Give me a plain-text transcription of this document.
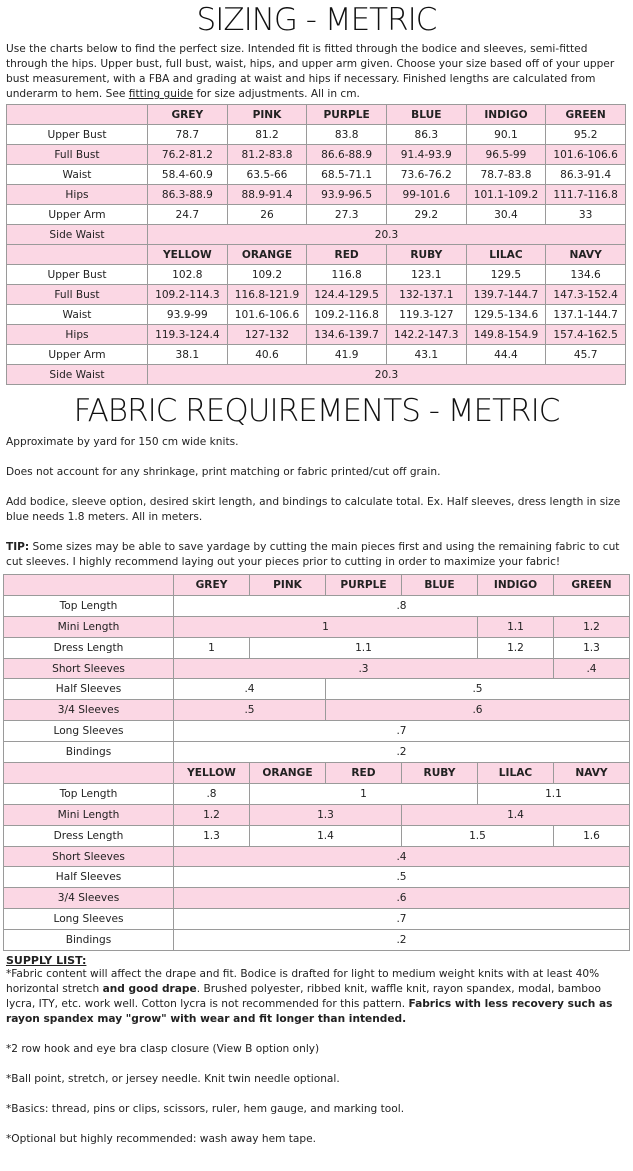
SIZING - METRIC

Use the charts below to find the perfect size. Intended fit is fitted through the bodice and sleeves, semi-fitted through the hips. Upper bust, full bust, waist, hips, and upper arm given. Choose your size based off of your upper bust measurement, with a FBA and grading at waist and hips if necessary. Finished lengths are calculated from underarm to hem. See fitting guide for size adjustments. All in cm.

	GREY	PINK	PURPLE	BLUE	INDIGO	GREEN
Upper Bust	78.7	81.2	83.8	86.3	90.1	95.2
Full Bust	76.2-81.2	81.2-83.8	86.6-88.9	91.4-93.9	96.5-99	101.6-106.6
Waist	58.4-60.9	63.5-66	68.5-71.1	73.6-76.2	78.7-83.8	86.3-91.4
Hips	86.3-88.9	88.9-91.4	93.9-96.5	99-101.6	101.1-109.2	111.7-116.8
Upper Arm	24.7	26	27.3	29.2	30.4	33
Side Waist	20.3					
	YELLOW	ORANGE	RED	RUBY	LILAC	NAVY
Upper Bust	102.8	109.2	116.8	123.1	129.5	134.6
Full Bust	109.2-114.3	116.8-121.9	124.4-129.5	132-137.1	139.7-144.7	147.3-152.4
Waist	93.9-99	101.6-106.6	109.2-116.8	119.3-127	129.5-134.6	137.1-144.7
Hips	119.3-124.4	127-132	134.6-139.7	142.2-147.3	149.8-154.9	157.4-162.5
Upper Arm	38.1	40.6	41.9	43.1	44.4	45.7
Side Waist	20.3					
FABRIC REQUIREMENTS - METRIC

Approximate by yard for 150 cm wide knits.

Does not account for any shrinkage, print matching or fabric printed/cut off grain.

Add bodice, sleeve option, desired skirt length, and bindings to calculate total. Ex. Half sleeves, dress length in size blue needs 1.8 meters. All in meters.

TIP: Some sizes may be able to save yardage by cutting the main pieces first and using the remaining fabric to cut cut sleeves. I highly recommend laying out your pieces prior to cutting in order to maximize your fabric!

	GREY	PINK	PURPLE	BLUE	INDIGO	GREEN
Top Length	.8					
Mini Length	1				1.1	1.2
Dress Length	1	1.1			1.2	1.3
Short Sleeves	.3					.4
Half Sleeves	.4		.5			
3/4 Sleeves	.5		.6			
Long Sleeves	.7					
Bindings	.2					
	YELLOW	ORANGE	RED	RUBY	LILAC	NAVY
Top Length	.8	1			1.1	
Mini Length	1.2	1.3		1.4		
Dress Length	1.3	1.4		1.5		1.6
Short Sleeves	.4					
Half Sleeves	.5					
3/4 Sleeves	.6					
Long Sleeves	.7					
Bindings	.2					
SUPPLY LIST:

*Fabric content will affect the drape and fit. Bodice is drafted for light to medium weight knits with at least 40% horizontal stretch and good drape. Brushed polyester, ribbed knit, waffle knit, rayon spandex, modal, bamboo lycra, ITY, etc. work well. Cotton lycra is not recommended for this pattern. Fabrics with less recovery such as rayon spandex may "grow" with wear and fit longer than intended.

*2 row hook and eye bra clasp closure (View B option only)

*Ball point, stretch, or jersey needle. Knit twin needle optional.

*Basics: thread, pins or clips, scissors, ruler, hem gauge, and marking tool.

*Optional but highly recommended: wash away hem tape.
